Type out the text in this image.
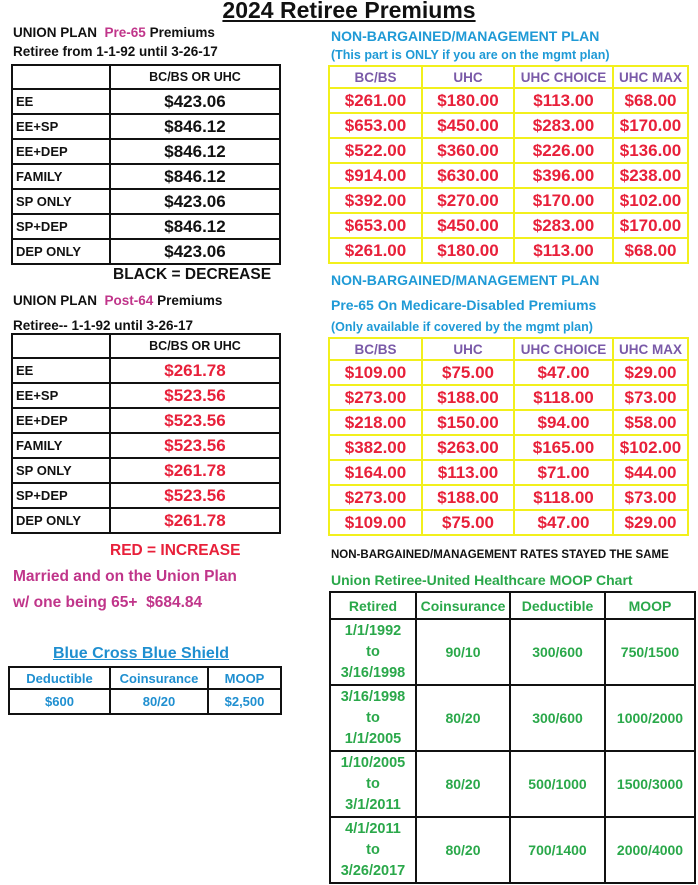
2024 Retiree Premiums
UNION PLAN Pre-65 Premiums
Retiree from 1-1-92 until 3-26-17
	BC/BS OR UHC
EE	$423.06
EE+SP	$846.12
EE+DEP	$846.12
FAMILY	$846.12
SP ONLY	$423.06
SP+DEP	$846.12
DEP ONLY	$423.06
BLACK = DECREASE
UNION PLAN Post-64 Premiums
Retiree-- 1-1-92 until 3-26-17
	BC/BS OR UHC
EE	$261.78
EE+SP	$523.56
EE+DEP	$523.56
FAMILY	$523.56
SP ONLY	$261.78
SP+DEP	$523.56
DEP ONLY	$261.78
RED = INCREASE
Married and on the Union Plan
w/ one being 65+ $684.84
Blue Cross Blue Shield
Deductible	Coinsurance	MOOP
$600	80/20	$2,500
NON-BARGAINED/MANAGEMENT PLAN
(This part is ONLY if you are on the mgmt plan)
BC/BS	UHC	UHC CHOICE	UHC MAX
$261.00	$180.00	$113.00	$68.00
$653.00	$450.00	$283.00	$170.00
$522.00	$360.00	$226.00	$136.00
$914.00	$630.00	$396.00	$238.00
$392.00	$270.00	$170.00	$102.00
$653.00	$450.00	$283.00	$170.00
$261.00	$180.00	$113.00	$68.00
NON-BARGAINED/MANAGEMENT PLAN
Pre-65 On Medicare-Disabled Premiums
(Only available if covered by the mgmt plan)
BC/BS	UHC	UHC CHOICE	UHC MAX
$109.00	$75.00	$47.00	$29.00
$273.00	$188.00	$118.00	$73.00
$218.00	$150.00	$94.00	$58.00
$382.00	$263.00	$165.00	$102.00
$164.00	$113.00	$71.00	$44.00
$273.00	$188.00	$118.00	$73.00
$109.00	$75.00	$47.00	$29.00
NON-BARGAINED/MANAGEMENT RATES STAYED THE SAME
Union Retiree-United Healthcare MOOP Chart
Retired	Coinsurance	Deductible	MOOP

1/1/1992
to
3/16/1998	90/10	300/600	750/1500

3/16/1998
to
1/1/2005	80/20	300/600	1000/2000

1/10/2005
to
3/1/2011	80/20	500/1000	1500/3000

4/1/2011
to
3/26/2017	80/20	700/1400	2000/4000
